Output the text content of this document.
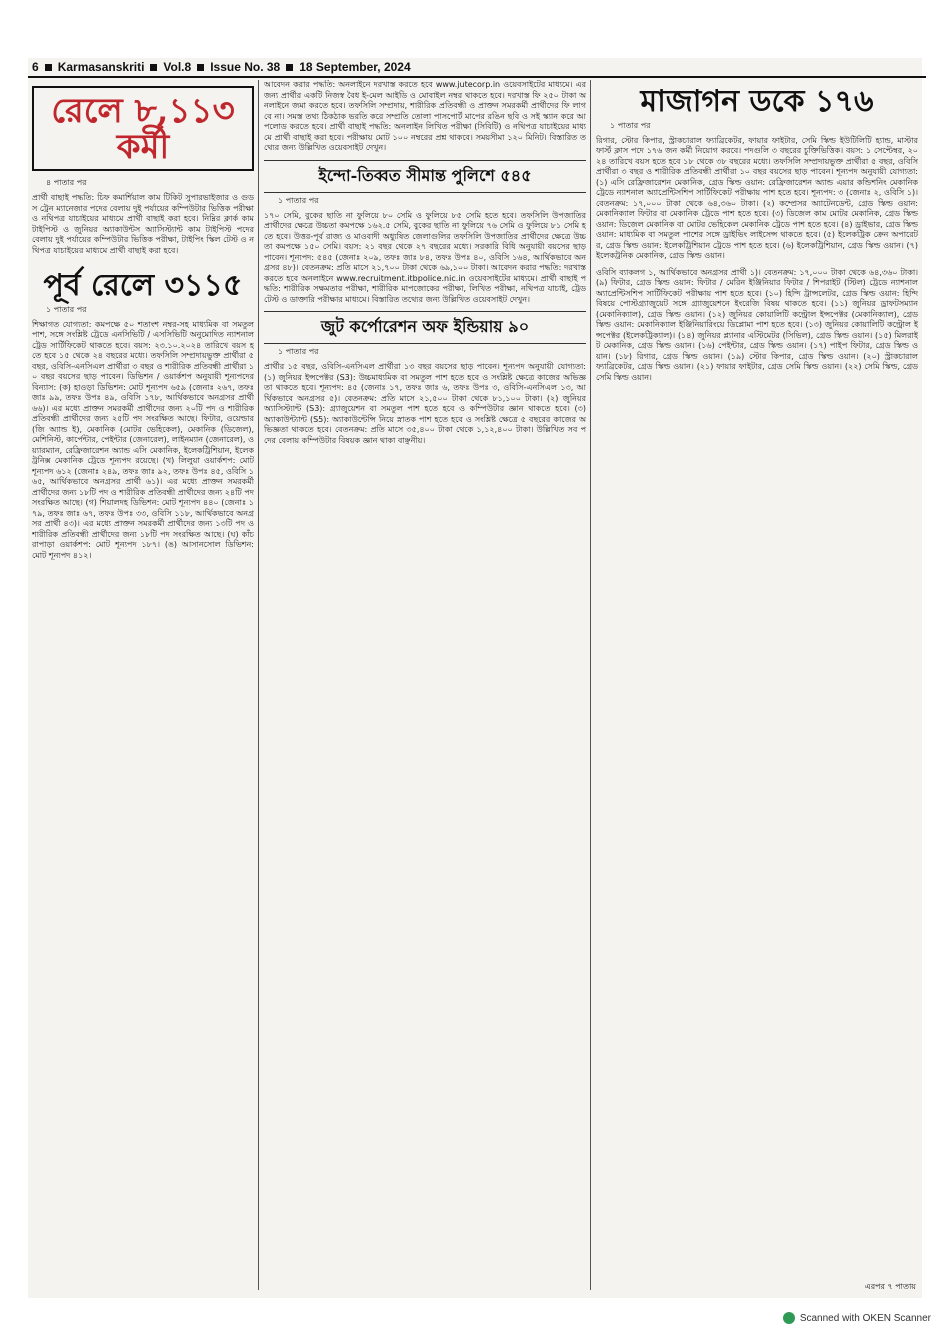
6 Karmasanskriti Vol.8 Issue No. 38 18 September, 2024
রেলে ৮,১১৩ কর্মী
৪ পাতার পর
প্রার্থী বাছাই পদ্ধতি: চিফ কমার্শিয়াল কাম টিকিট সুপারভাইজার ও গুডস ট্রেন ম্যানেজার পদের বেলায় দুই পর্যায়ের কম্পিউটার ভিত্তিক পরীক্ষা ও নথিপত্র যাচাইয়ের মাধ্যমে প্রার্থী বাছাই করা হবে। নিম্নির ক্লার্ক কাম টাইপিস্ট ও জুনিয়র অ্যাকাউন্টস অ্যাসিস্ট্যান্ট কাম টাইপিস্ট পদের বেলায় দুই পর্যায়ের কম্পিউটার ভিত্তিক পরীক্ষা, টাইপিং স্কিল টেস্ট ও নথিপত্র যাচাইয়ের মাধ্যমে প্রার্থী বাছাই করা হবে।
পূর্ব রেলে ৩১১৫
১ পাতার পর
শিক্ষাগত যোগ্যতা: কমপক্ষে ৫০ শতাংশ নম্বর-সহ মাধ্যমিক বা সমতুল পাশ, সঙ্গে সংশ্লিষ্ট ট্রেডে এনসিভিটি / এসসিভিটি অনুমোদিত ন্যাশনাল ট্রেড সার্টিফিকেট থাকতে হবে। বয়স: ২৩.১০.২০২৪ তারিখে বয়স হতে হবে ১৫ থেকে ২৪ বছরের মধ্যে। তফসিলি সম্প্রদায়ভুক্ত প্রার্থীরা ৫ বছর, ওবিসি-এনসিএল প্রার্থীরা ৩ বছর ও শারীরিক প্রতিবন্ধী প্রার্থীরা ১০ বছর বয়সের ছাড় পাবেন। ডিভিশন / ওয়ার্কশপ অনুযায়ী শূন্যপদের বিন্যাস: (ক) হাওড়া ডিভিশন: মোট শূন্যপদ ৬৫৯ (জেনাঃ ২৬৭, তফঃ জাঃ ৯৯, তফঃ উপঃ ৪৯, ওবিসি ১৭৮, আর্থিকভাবে অনগ্রসর প্রার্থী ৬৬)। এর মধ্যে প্রাক্তন সমরকর্মী প্রার্থীদের জন্য ২০টি পদ ও শারীরিক প্রতিবন্ধী প্রার্থীদের জন্য ২৫টি পদ সংরক্ষিত আছে। ফিটার, ওয়েল্ডার (জি অ্যান্ড ই), মেকানিক (মোটর ভেহিকেল), মেকানিক (ডিজেল), মেশিনিস্ট, কার্পেন্টার, পেইন্টার (জেনারেল), লাইনম্যান (জেনারেল), ওয়্যারম্যান, রেফ্রিজারেশন অ্যান্ড এসি মেকানিক, ইলেকট্রিশিয়ান, ইলেকট্রনিক্স মেকানিক ট্রেডে শূন্যপদ রয়েছে। (খ) লিলুয়া ওয়ার্কশপ: মোট শূন্যপদ ৬১২ (জেনাঃ ২৪৯, তফঃ জাঃ ৯২, তফঃ উপঃ ৪৫, ওবিসি ১৬৫, আর্থিকভাবে অনগ্রসর প্রার্থী ৬১)। এর মধ্যে প্রাক্তন সমরকর্মী প্রার্থীদের জন্য ১৮টি পদ ও শারীরিক প্রতিবন্ধী প্রার্থীদের জন্য ২৪টি পদ সংরক্ষিত আছে। (গ) শিয়ালদহ ডিভিশন: মোট শূন্যপদ ৪৪০ (জেনাঃ ১৭৯, তফঃ জাঃ ৬৭, তফঃ উপঃ ৩৩, ওবিসি ১১৮, আর্থিকভাবে অনগ্রসর প্রার্থী ৪৩)। এর মধ্যে প্রাক্তন সমরকর্মী প্রার্থীদের জন্য ১৩টি পদ ও শারীরিক প্রতিবন্ধী প্রার্থীদের জন্য ১৮টি পদ সংরক্ষিত আছে। (ঘ) কাঁচরাপাড়া ওয়ার্কশপ: মোট শূন্যপদ ১৮৭। (ঙ) আসানসোল ডিভিশন: মোট শূন্যপদ ৪১২।
আবেদন করার পদ্ধতি: অনলাইনে দরখাস্ত করতে হবে www.jutecorp.in ওয়েবসাইটের মাধ্যমে। এর জন্য প্রার্থীর একটি নিজস্ব বৈধ ই-মেল আইডি ও মোবাইল নম্বর থাকতে হবে। দরখাস্ত ফি ২৫০ টাকা অনলাইনে জমা করতে হবে। তফসিলি সম্প্রদায়, শারীরিক প্রতিবন্ধী ও প্রাক্তন সমরকর্মী প্রার্থীদের ফি লাগবে না। সমস্ত তথ্য ঠিকঠাক ভরতি করে সম্প্রতি তোলা পাসপোর্ট মাপের রঙিন ছবি ও সই স্ক্যান করে আপলোড করতে হবে। প্রার্থী বাছাই পদ্ধতি: অনলাইন লিখিত পরীক্ষা (সিবিটি) ও নথিপত্র যাচাইয়ের মাধ্যমে প্রার্থী বাছাই করা হবে। পরীক্ষায় মোট ১০০ নম্বরের প্রশ্ন থাকবে। সময়সীমা ১২০ মিনিট। বিস্তারিত তথ্যের জন্য উল্লিখিত ওয়েবসাইট দেখুন।
ইন্দো-তিব্বত সীমান্ত পুলিশে ৫৪৫
১ পাতার পর
১৭০ সেমি, বুকের ছাতি না ফুলিয়ে ৮০ সেমি ও ফুলিয়ে ৮৫ সেমি হতে হবে। তফসিলি উপজাতির প্রার্থীদের ক্ষেত্রে উচ্চতা কমপক্ষে ১৬২.৫ সেমি, বুকের ছাতি না ফুলিয়ে ৭৬ সেমি ও ফুলিয়ে ৮১ সেমি হতে হবে। উত্তর-পূর্ব রাজ্য ও মাওবাদী অধ্যুষিত জেলাগুলির তফসিলি উপজাতির প্রার্থীদের ক্ষেত্রে উচ্চতা কমপক্ষে ১৫০ সেমি। বয়স: ২১ বছর থেকে ২৭ বছরের মধ্যে। সরকারি বিধি অনুযায়ী বয়সের ছাড় পাবেন। শূন্যপদ: ৫৪৫ (জেনাঃ ২০৯, তফঃ জাঃ ৮৪, তফঃ উপঃ ৪০, ওবিসি ১৬৪, আর্থিকভাবে অনগ্রসর ৪৮)। বেতনক্রম: প্রতি মাসে ২১,৭০০ টাকা থেকে ৬৯,১০০ টাকা। আবেদন করার পদ্ধতি: দরখাস্ত করতে হবে অনলাইনে www.recruitment.itbpolice.nic.in ওয়েবসাইটের মাধ্যমে। প্রার্থী বাছাই পদ্ধতি: শারীরিক সক্ষমতার পরীক্ষা, শারীরিক মাপজোকের পরীক্ষা, লিখিত পরীক্ষা, নথিপত্র যাচাই, ট্রেড টেস্ট ও ডাক্তারি পরীক্ষার মাধ্যমে। বিস্তারিত তথ্যের জন্য উল্লিখিত ওয়েবসাইট দেখুন।
জুট কর্পোরেশন অফ ইন্ডিয়ায় ৯০
১ পাতার পর
প্রার্থীর ১৫ বছর, ওবিসি-এনসিএল প্রার্থীরা ১৩ বছর বয়সের ছাড় পাবেন। শূন্যপদ অনুযায়ী যোগ্যতা: (১) জুনিয়র ইন্সপেক্টর (S3): উচ্চমাধ্যমিক বা সমতুল পাশ হতে হবে ও সংশ্লিষ্ট ক্ষেত্রে কাজের অভিজ্ঞতা থাকতে হবে। শূন্যপদ: ৪৫ (জেনাঃ ১৭, তফঃ জাঃ ৬, তফঃ উপঃ ৩, ওবিসি-এনসিএল ১৩, আর্থিকভাবে অনগ্রসর ৫)। বেতনক্রম: প্রতি মাসে ২১,৫০০ টাকা থেকে ৮১,১০০ টাকা। (২) জুনিয়র অ্যাসিস্ট্যান্ট (S3): গ্র্যাজুয়েশন বা সমতুল পাশ হতে হবে ও কম্পিউটার জ্ঞান থাকতে হবে। (৩) অ্যাকাউন্ট্যান্ট (S5): অ্যাকাউন্টেন্সি নিয়ে স্নাতক পাশ হতে হবে ও সংশ্লিষ্ট ক্ষেত্রে ৫ বছরের কাজের অভিজ্ঞতা থাকতে হবে। বেতনক্রম: প্রতি মাসে ৩৫,৪০০ টাকা থেকে ১,১২,৪০০ টাকা। উল্লিখিত সব পদের বেলায় কম্পিউটার বিষয়ক জ্ঞান থাকা বাঞ্ছনীয়।
মাজাগন ডকে ১৭৬
১ পাতার পর
রিগার, স্টোর কিপার, স্ট্রাকচারাল ফ্যাব্রিকেটর, ফায়ার ফাইটার, সেমি স্কিল্ড ইউটিলিটি হ্যান্ড, মাস্টার ফার্স্ট ক্লাস পদে ১৭৬ জন কর্মী নিয়োগ করবে। পদগুলি ৩ বছরের চুক্তিভিত্তিক। বয়স: ১ সেপ্টেম্বর, ২০২৪ তারিখে বয়স হতে হবে ১৮ থেকে ৩৮ বছরের মধ্যে। তফসিলি সম্প্রদায়ভুক্ত প্রার্থীরা ৫ বছর, ওবিসি প্রার্থীরা ৩ বছর ও শারীরিক প্রতিবন্ধী প্রার্থীরা ১০ বছর বয়সের ছাড় পাবেন। শূন্যপদ অনুযায়ী যোগ্যতা: (১) এসি রেফ্রিজারেশন মেকানিক, গ্রেড স্কিল্ড ওয়ান: রেফ্রিজারেশন অ্যান্ড এয়ার কন্ডিশনিং মেকানিক ট্রেডে ন্যাশনাল অ্যাপ্রেন্টিসশিপ সার্টিফিকেট পরীক্ষায় পাশ হতে হবে। শূন্যপদ: ৩ (জেনাঃ ২, ওবিসি ১)। বেতনক্রম: ১৭,০০০ টাকা থেকে ৬৪,৩৬০ টাকা। (২) কম্প্রেসর অ্যাটেনডেন্ট, গ্রেড স্কিল্ড ওয়ান: মেকানিক্যাল ফিটার বা মেকানিক ট্রেডে পাশ হতে হবে। (৩) ডিজেল কাম মোটর মেকানিক, গ্রেড স্কিল্ড ওয়ান: ডিজেল মেকানিক বা মোটর ভেহিকেল মেকানিক ট্রেডে পাশ হতে হবে। (৪) ড্রাইভার, গ্রেড স্কিল্ড ওয়ান: মাধ্যমিক বা সমতুল পাশের সঙ্গে ড্রাইভিং লাইসেন্স থাকতে হবে। (৫) ইলেকট্রিক ক্রেন অপারেটর, গ্রেড স্কিল্ড ওয়ান: ইলেকট্রিশিয়ান ট্রেডে পাশ হতে হবে। (৬) ইলেকট্রিশিয়ান, গ্রেড স্কিল্ড ওয়ান। (৭) ইলেকট্রনিক মেকানিক, গ্রেড স্কিল্ড ওয়ান।
ওবিসি ব্যাকলগ ১, আর্থিকভাবে অনগ্রসর প্রার্থী ১)। বেতনক্রম: ১৭,০০০ টাকা থেকে ৬৪,৩৬০ টাকা। (৯) ফিটার, গ্রেড স্কিল্ড ওয়ান: ফিটার / মেরিন ইঞ্জিনিয়ার ফিটার / শিপরাইট (স্টিল) ট্রেডে ন্যাশনাল অ্যাপ্রেন্টিসশিপ সার্টিফিকেট পরীক্ষায় পাশ হতে হবে। (১০) হিন্দি ট্রান্সলেটর, গ্রেড স্কিল্ড ওয়ান: হিন্দি বিষয়ে পোস্টগ্র্যাজুয়েট সঙ্গে গ্র্যাজুয়েশনে ইংরেজি বিষয় থাকতে হবে। (১১) জুনিয়র ড্রাফটসম্যান (মেকানিক্যাল), গ্রেড স্কিল্ড ওয়ান। (১২) জুনিয়র কোয়ালিটি কন্ট্রোল ইন্সপেক্টর (মেকানিক্যাল), গ্রেড স্কিল্ড ওয়ান: মেকানিক্যাল ইঞ্জিনিয়ারিংয়ে ডিপ্লোমা পাশ হতে হবে। (১৩) জুনিয়র কোয়ালিটি কন্ট্রোল ইন্সপেক্টর (ইলেকট্রিক্যাল)। (১৪) জুনিয়র প্ল্যানার এস্টিমেটর (সিভিল), গ্রেড স্কিল্ড ওয়ান। (১৫) মিলরাইট মেকানিক, গ্রেড স্কিল্ড ওয়ান। (১৬) পেইন্টার, গ্রেড স্কিল্ড ওয়ান। (১৭) পাইপ ফিটার, গ্রেড স্কিল্ড ওয়ান। (১৮) রিগার, গ্রেড স্কিল্ড ওয়ান। (১৯) স্টোর কিপার, গ্রেড স্কিল্ড ওয়ান। (২০) স্ট্রাকচারাল ফ্যাব্রিকেটর, গ্রেড স্কিল্ড ওয়ান। (২১) ফায়ার ফাইটার, গ্রেড সেমি স্কিল্ড ওয়ান। (২২) সেমি স্কিল্ড, গ্রেড সেমি স্কিল্ড ওয়ান।
এরপর ৭ পাতায়
Scanned with OKEN Scanner
